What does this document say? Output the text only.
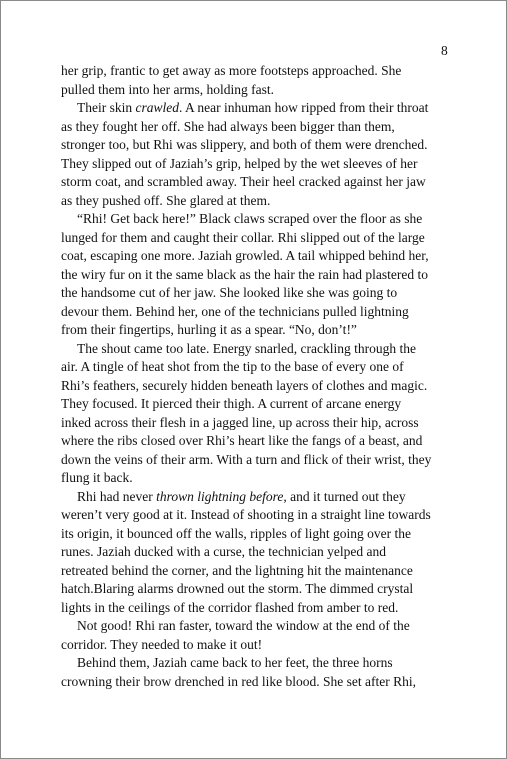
8
her grip, frantic to get away as more footsteps approached. She
pulled them into her arms, holding fast.
Their skin crawled. A near inhuman how ripped from their throat
as they fought her off. She had always been bigger than them,
stronger too, but Rhi was slippery, and both of them were drenched.
They slipped out of Jaziah’s grip, helped by the wet sleeves of her
storm coat, and scrambled away. Their heel cracked against her jaw
as they pushed off. She glared at them.
“Rhi! Get back here!” Black claws scraped over the floor as she
lunged for them and caught their collar. Rhi slipped out of the large
coat, escaping one more. Jaziah growled. A tail whipped behind her,
the wiry fur on it the same black as the hair the rain had plastered to
the handsome cut of her jaw. She looked like she was going to
devour them. Behind her, one of the technicians pulled lightning
from their fingertips, hurling it as a spear. “No, don’t!”
The shout came too late. Energy snarled, crackling through the
air. A tingle of heat shot from the tip to the base of every one of
Rhi’s feathers, securely hidden beneath layers of clothes and magic.
They focused. It pierced their thigh. A current of arcane energy
inked across their flesh in a jagged line, up across their hip, across
where the ribs closed over Rhi’s heart like the fangs of a beast, and
down the veins of their arm. With a turn and flick of their wrist, they
flung it back.
Rhi had never thrown lightning before, and it turned out they
weren’t very good at it. Instead of shooting in a straight line towards
its origin, it bounced off the walls, ripples of light going over the
runes. Jaziah ducked with a curse, the technician yelped and
retreated behind the corner, and the lightning hit the maintenance
hatch.Blaring alarms drowned out the storm. The dimmed crystal
lights in the ceilings of the corridor flashed from amber to red.
Not good! Rhi ran faster, toward the window at the end of the
corridor. They needed to make it out!
Behind them, Jaziah came back to her feet, the three horns
crowning their brow drenched in red like blood. She set after Rhi,
